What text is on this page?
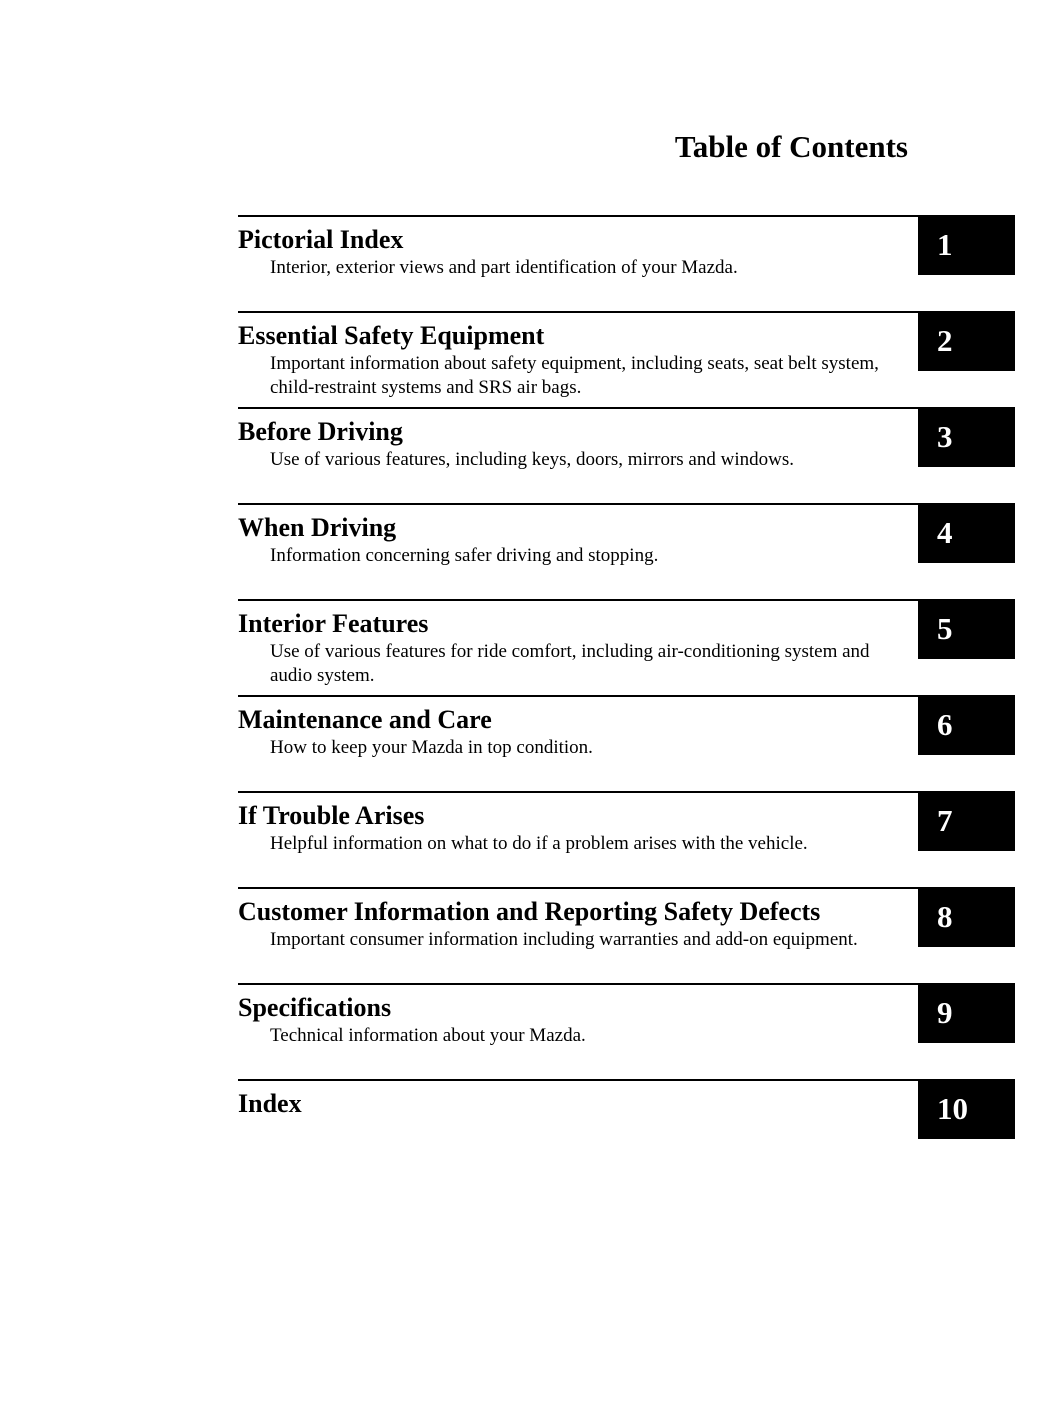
Table of Contents
Pictorial Index
Interior, exterior views and part identification of your Mazda.
1
Essential Safety Equipment
Important information about safety equipment, including seats, seat belt system, child-restraint systems and SRS air bags.
2
Before Driving
Use of various features, including keys, doors, mirrors and windows.
3
When Driving
Information concerning safer driving and stopping.
4
Interior Features
Use of various features for ride comfort, including air-conditioning system and audio system.
5
Maintenance and Care
How to keep your Mazda in top condition.
6
If Trouble Arises
Helpful information on what to do if a problem arises with the vehicle.
7
Customer Information and Reporting Safety Defects
Important consumer information including warranties and add-on equipment.
8
Specifications
Technical information about your Mazda.
9
Index	10
